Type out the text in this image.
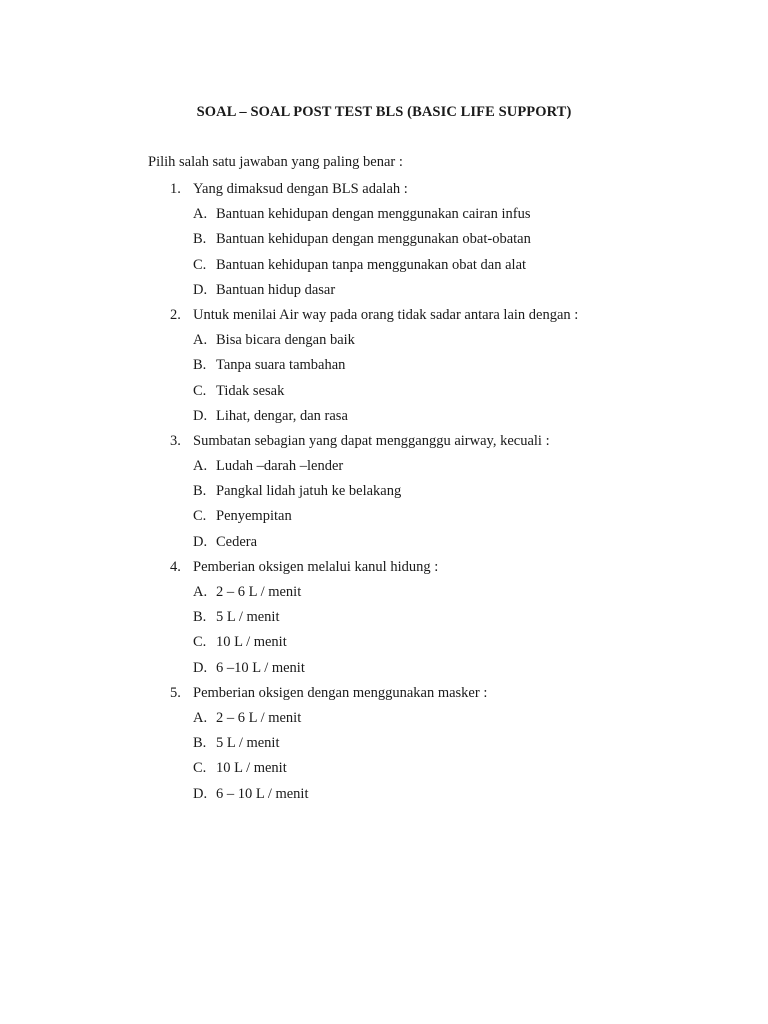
SOAL – SOAL POST TEST BLS (BASIC LIFE SUPPORT)
Pilih salah satu jawaban yang paling benar :
1. Yang dimaksud dengan BLS adalah :
A. Bantuan kehidupan dengan menggunakan cairan infus
B. Bantuan kehidupan dengan menggunakan obat-obatan
C. Bantuan kehidupan tanpa menggunakan obat dan alat
D. Bantuan hidup dasar
2. Untuk menilai Air way pada orang tidak sadar antara lain dengan :
A. Bisa bicara dengan baik
B. Tanpa suara tambahan
C. Tidak sesak
D. Lihat, dengar, dan rasa
3. Sumbatan sebagian yang dapat mengganggu airway, kecuali :
A. Ludah –darah –lender
B. Pangkal lidah jatuh ke belakang
C. Penyempitan
D. Cedera
4. Pemberian oksigen melalui kanul hidung :
A. 2 – 6 L / menit
B. 5 L / menit
C. 10 L / menit
D. 6 –10 L / menit
5. Pemberian oksigen dengan menggunakan masker :
A. 2 – 6 L / menit
B. 5 L / menit
C. 10 L / menit
D. 6 – 10 L / menit
